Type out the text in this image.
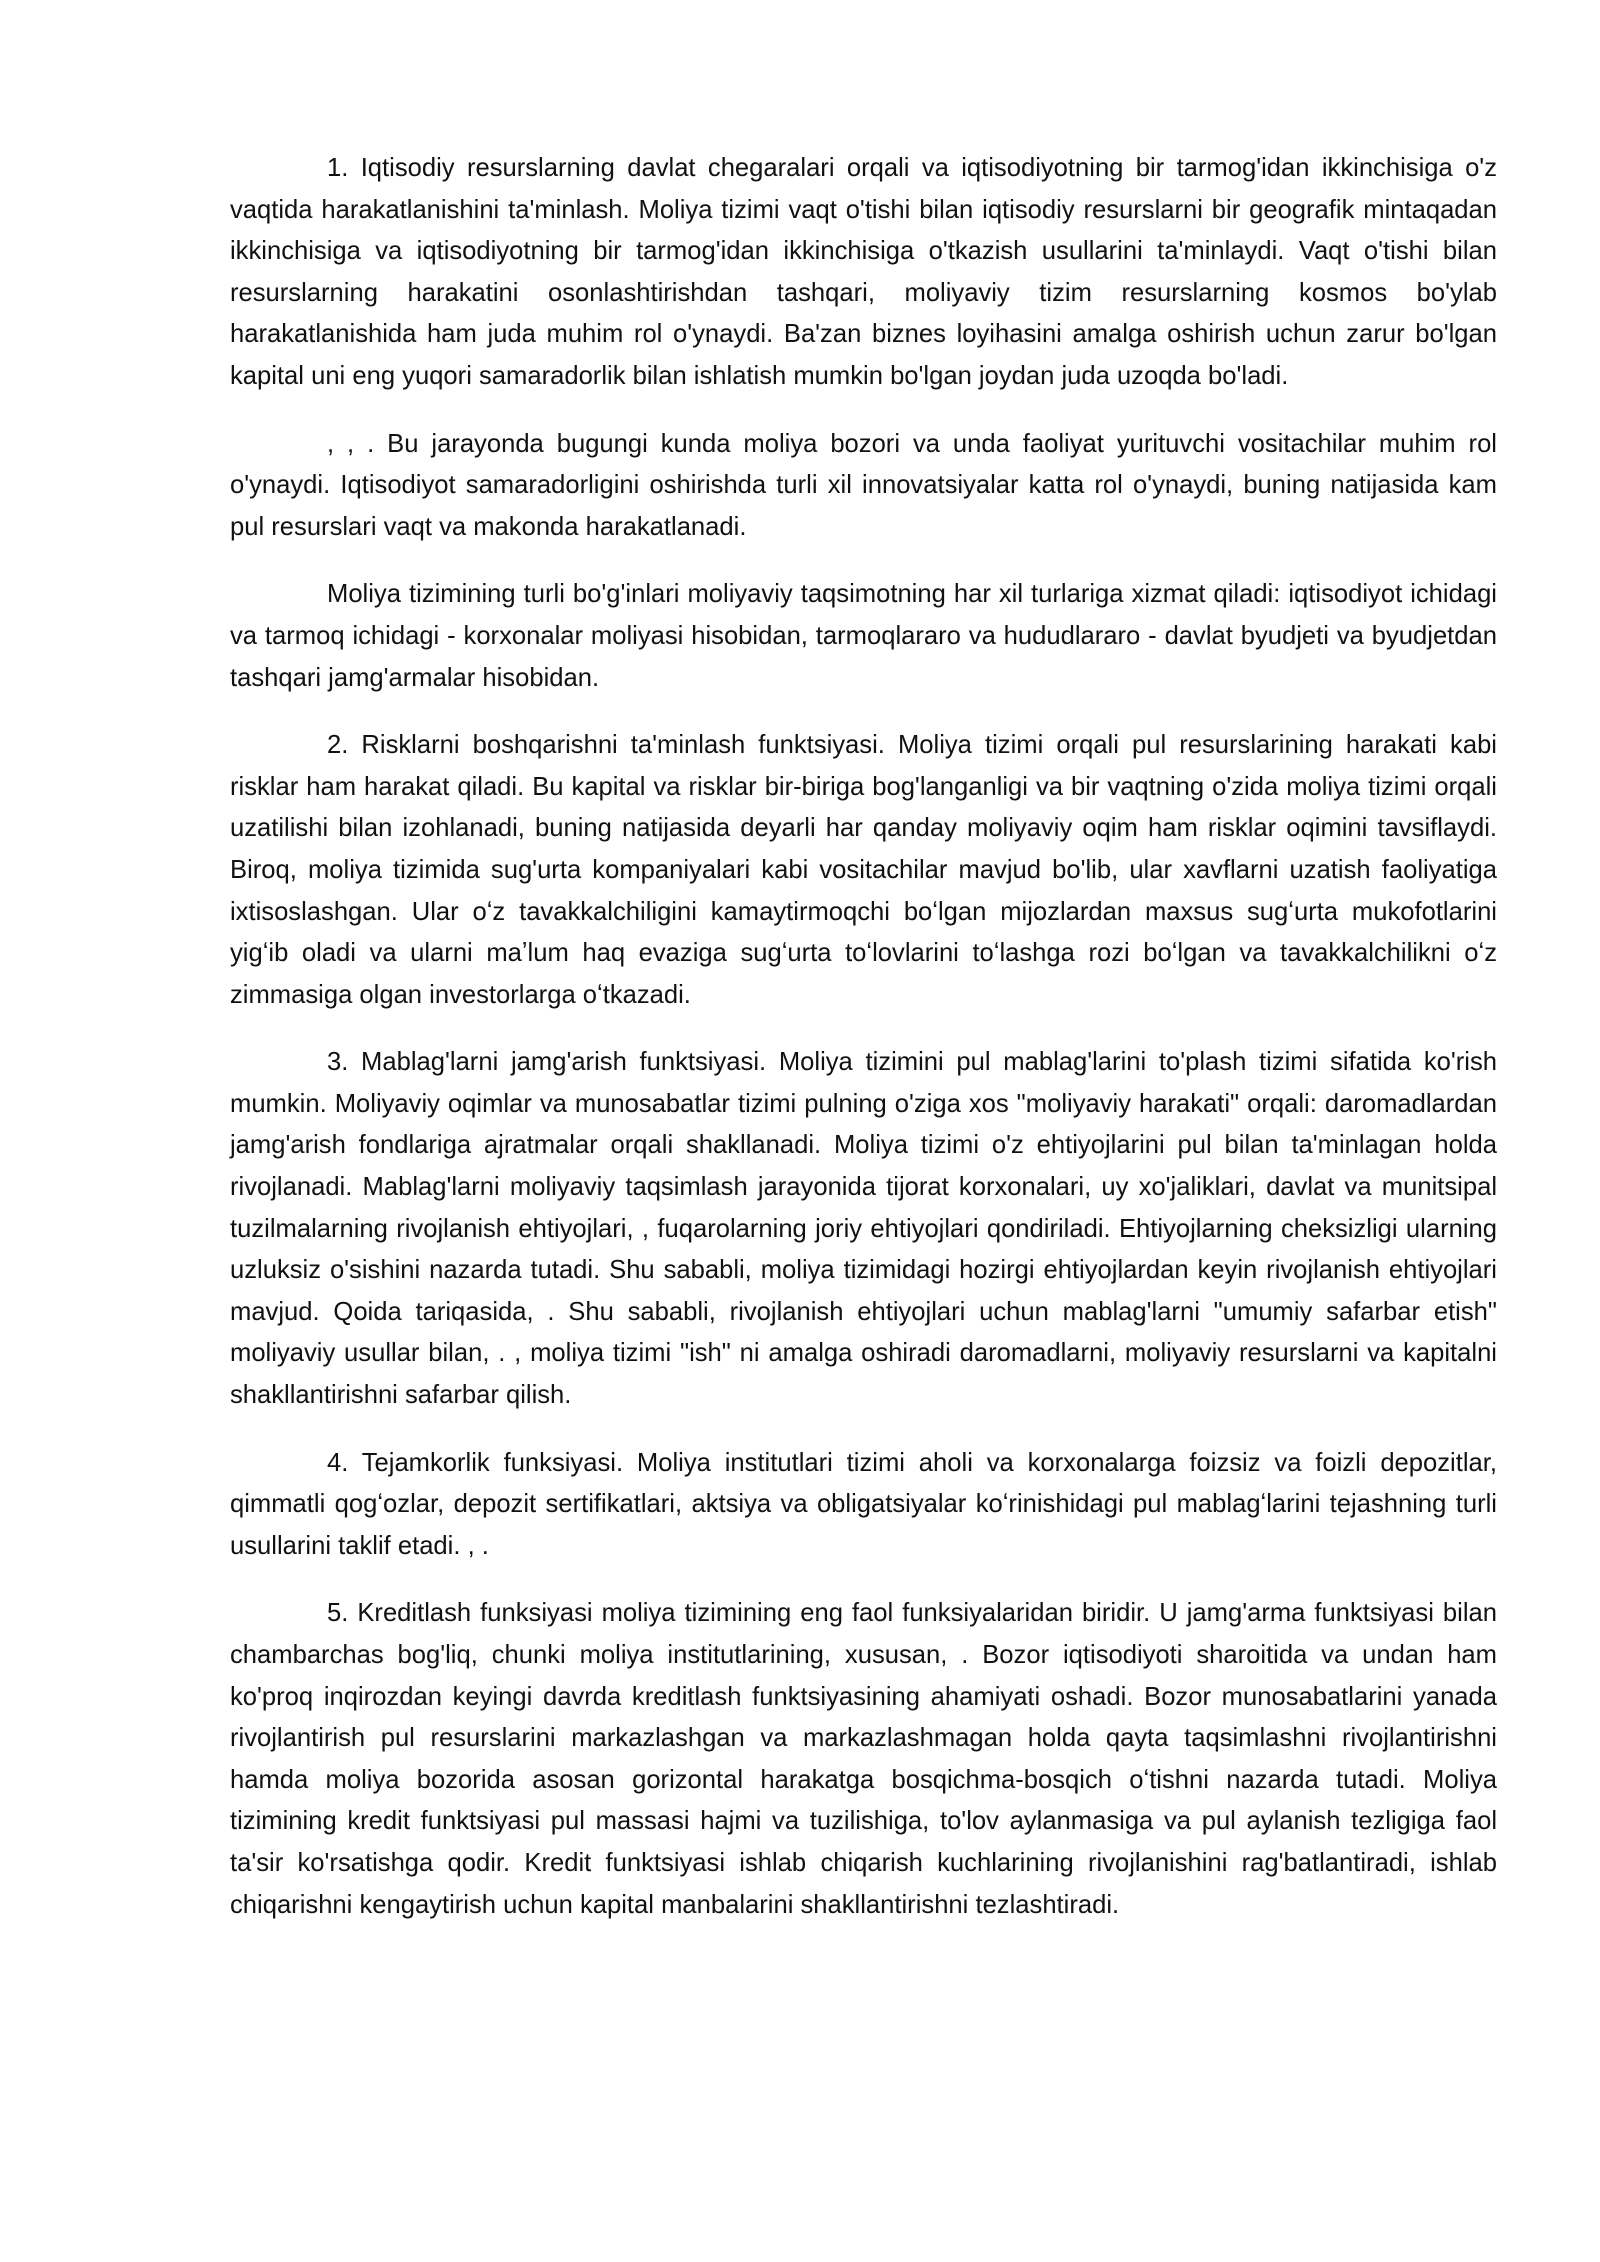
1. Iqtisodiy resurslarning davlat chegaralari orqali va iqtisodiyotning bir tarmog'idan ikkinchisiga o'z vaqtida harakatlanishini ta'minlash. Moliya tizimi vaqt o'tishi bilan iqtisodiy resurslarni bir geografik mintaqadan ikkinchisiga va iqtisodiyotning bir tarmog'idan ikkinchisiga o'tkazish usullarini ta'minlaydi. Vaqt o'tishi bilan resurslarning harakatini osonlashtirishdan tashqari, moliyaviy tizim resurslarning kosmos bo'ylab harakatlanishida ham juda muhim rol o'ynaydi. Ba'zan biznes loyihasini amalga oshirish uchun zarur bo'lgan kapital uni eng yuqori samaradorlik bilan ishlatish mumkin bo'lgan joydan juda uzoqda bo'ladi.

, , . Bu jarayonda bugungi kunda moliya bozori va unda faoliyat yurituvchi vositachilar muhim rol o'ynaydi. Iqtisodiyot samaradorligini oshirishda turli xil innovatsiyalar katta rol o'ynaydi, buning natijasida kam pul resurslari vaqt va makonda harakatlanadi.

Moliya tizimining turli bo'g'inlari moliyaviy taqsimotning har xil turlariga xizmat qiladi: iqtisodiyot ichidagi va tarmoq ichidagi - korxonalar moliyasi hisobidan, tarmoqlararo va hududlararo - davlat byudjeti va byudjetdan tashqari jamg'armalar hisobidan.

2. Risklarni boshqarishni ta'minlash funktsiyasi. Moliya tizimi orqali pul resurslarining harakati kabi risklar ham harakat qiladi. Bu kapital va risklar bir-biriga bog'langanligi va bir vaqtning o'zida moliya tizimi orqali uzatilishi bilan izohlanadi, buning natijasida deyarli har qanday moliyaviy oqim ham risklar oqimini tavsiflaydi. Biroq, moliya tizimida sug'urta kompaniyalari kabi vositachilar mavjud bo'lib, ular xavflarni uzatish faoliyatiga ixtisoslashgan. Ular oʻz tavakkalchiligini kamaytirmoqchi boʻlgan mijozlardan maxsus sugʻurta mukofotlarini yigʻib oladi va ularni maʼlum haq evaziga sugʻurta toʻlovlarini toʻlashga rozi boʻlgan va tavakkalchilikni oʻz zimmasiga olgan investorlarga oʻtkazadi.

3. Mablag'larni jamg'arish funktsiyasi. Moliya tizimini pul mablag'larini to'plash tizimi sifatida ko'rish mumkin. Moliyaviy oqimlar va munosabatlar tizimi pulning o'ziga xos "moliyaviy harakati" orqali: daromadlardan jamg'arish fondlariga ajratmalar orqali shakllanadi. Moliya tizimi o'z ehtiyojlarini pul bilan ta'minlagan holda rivojlanadi. Mablag'larni moliyaviy taqsimlash jarayonida tijorat korxonalari, uy xo'jaliklari, davlat va munitsipal tuzilmalarning rivojlanish ehtiyojlari, , fuqarolarning joriy ehtiyojlari qondiriladi. Ehtiyojlarning cheksizligi ularning uzluksiz o'sishini nazarda tutadi. Shu sababli, moliya tizimidagi hozirgi ehtiyojlardan keyin rivojlanish ehtiyojlari mavjud. Qoida tariqasida, . Shu sababli, rivojlanish ehtiyojlari uchun mablag'larni "umumiy safarbar etish" moliyaviy usullar bilan, . , moliya tizimi "ish" ni amalga oshiradi daromadlarni, moliyaviy resurslarni va kapitalni shakllantirishni safarbar qilish.

4. Tejamkorlik funksiyasi. Moliya institutlari tizimi aholi va korxonalarga foizsiz va foizli depozitlar, qimmatli qogʻozlar, depozit sertifikatlari, aktsiya va obligatsiyalar koʻrinishidagi pul mablagʻlarini tejashning turli usullarini taklif etadi. , .

5. Kreditlash funksiyasi moliya tizimining eng faol funksiyalaridan biridir. U jamg'arma funktsiyasi bilan chambarchas bog'liq, chunki moliya institutlarining, xususan, . Bozor iqtisodiyoti sharoitida va undan ham ko'proq inqirozdan keyingi davrda kreditlash funktsiyasining ahamiyati oshadi. Bozor munosabatlarini yanada rivojlantirish pul resurslarini markazlashgan va markazlashmagan holda qayta taqsimlashni rivojlantirishni hamda moliya bozorida asosan gorizontal harakatga bosqichma-bosqich oʻtishni nazarda tutadi. Moliya tizimining kredit funktsiyasi pul massasi hajmi va tuzilishiga, to'lov aylanmasiga va pul aylanish tezligiga faol ta'sir ko'rsatishga qodir. Kredit funktsiyasi ishlab chiqarish kuchlarining rivojlanishini rag'batlantiradi, ishlab chiqarishni kengaytirish uchun kapital manbalarini shakllantirishni tezlashtiradi.
